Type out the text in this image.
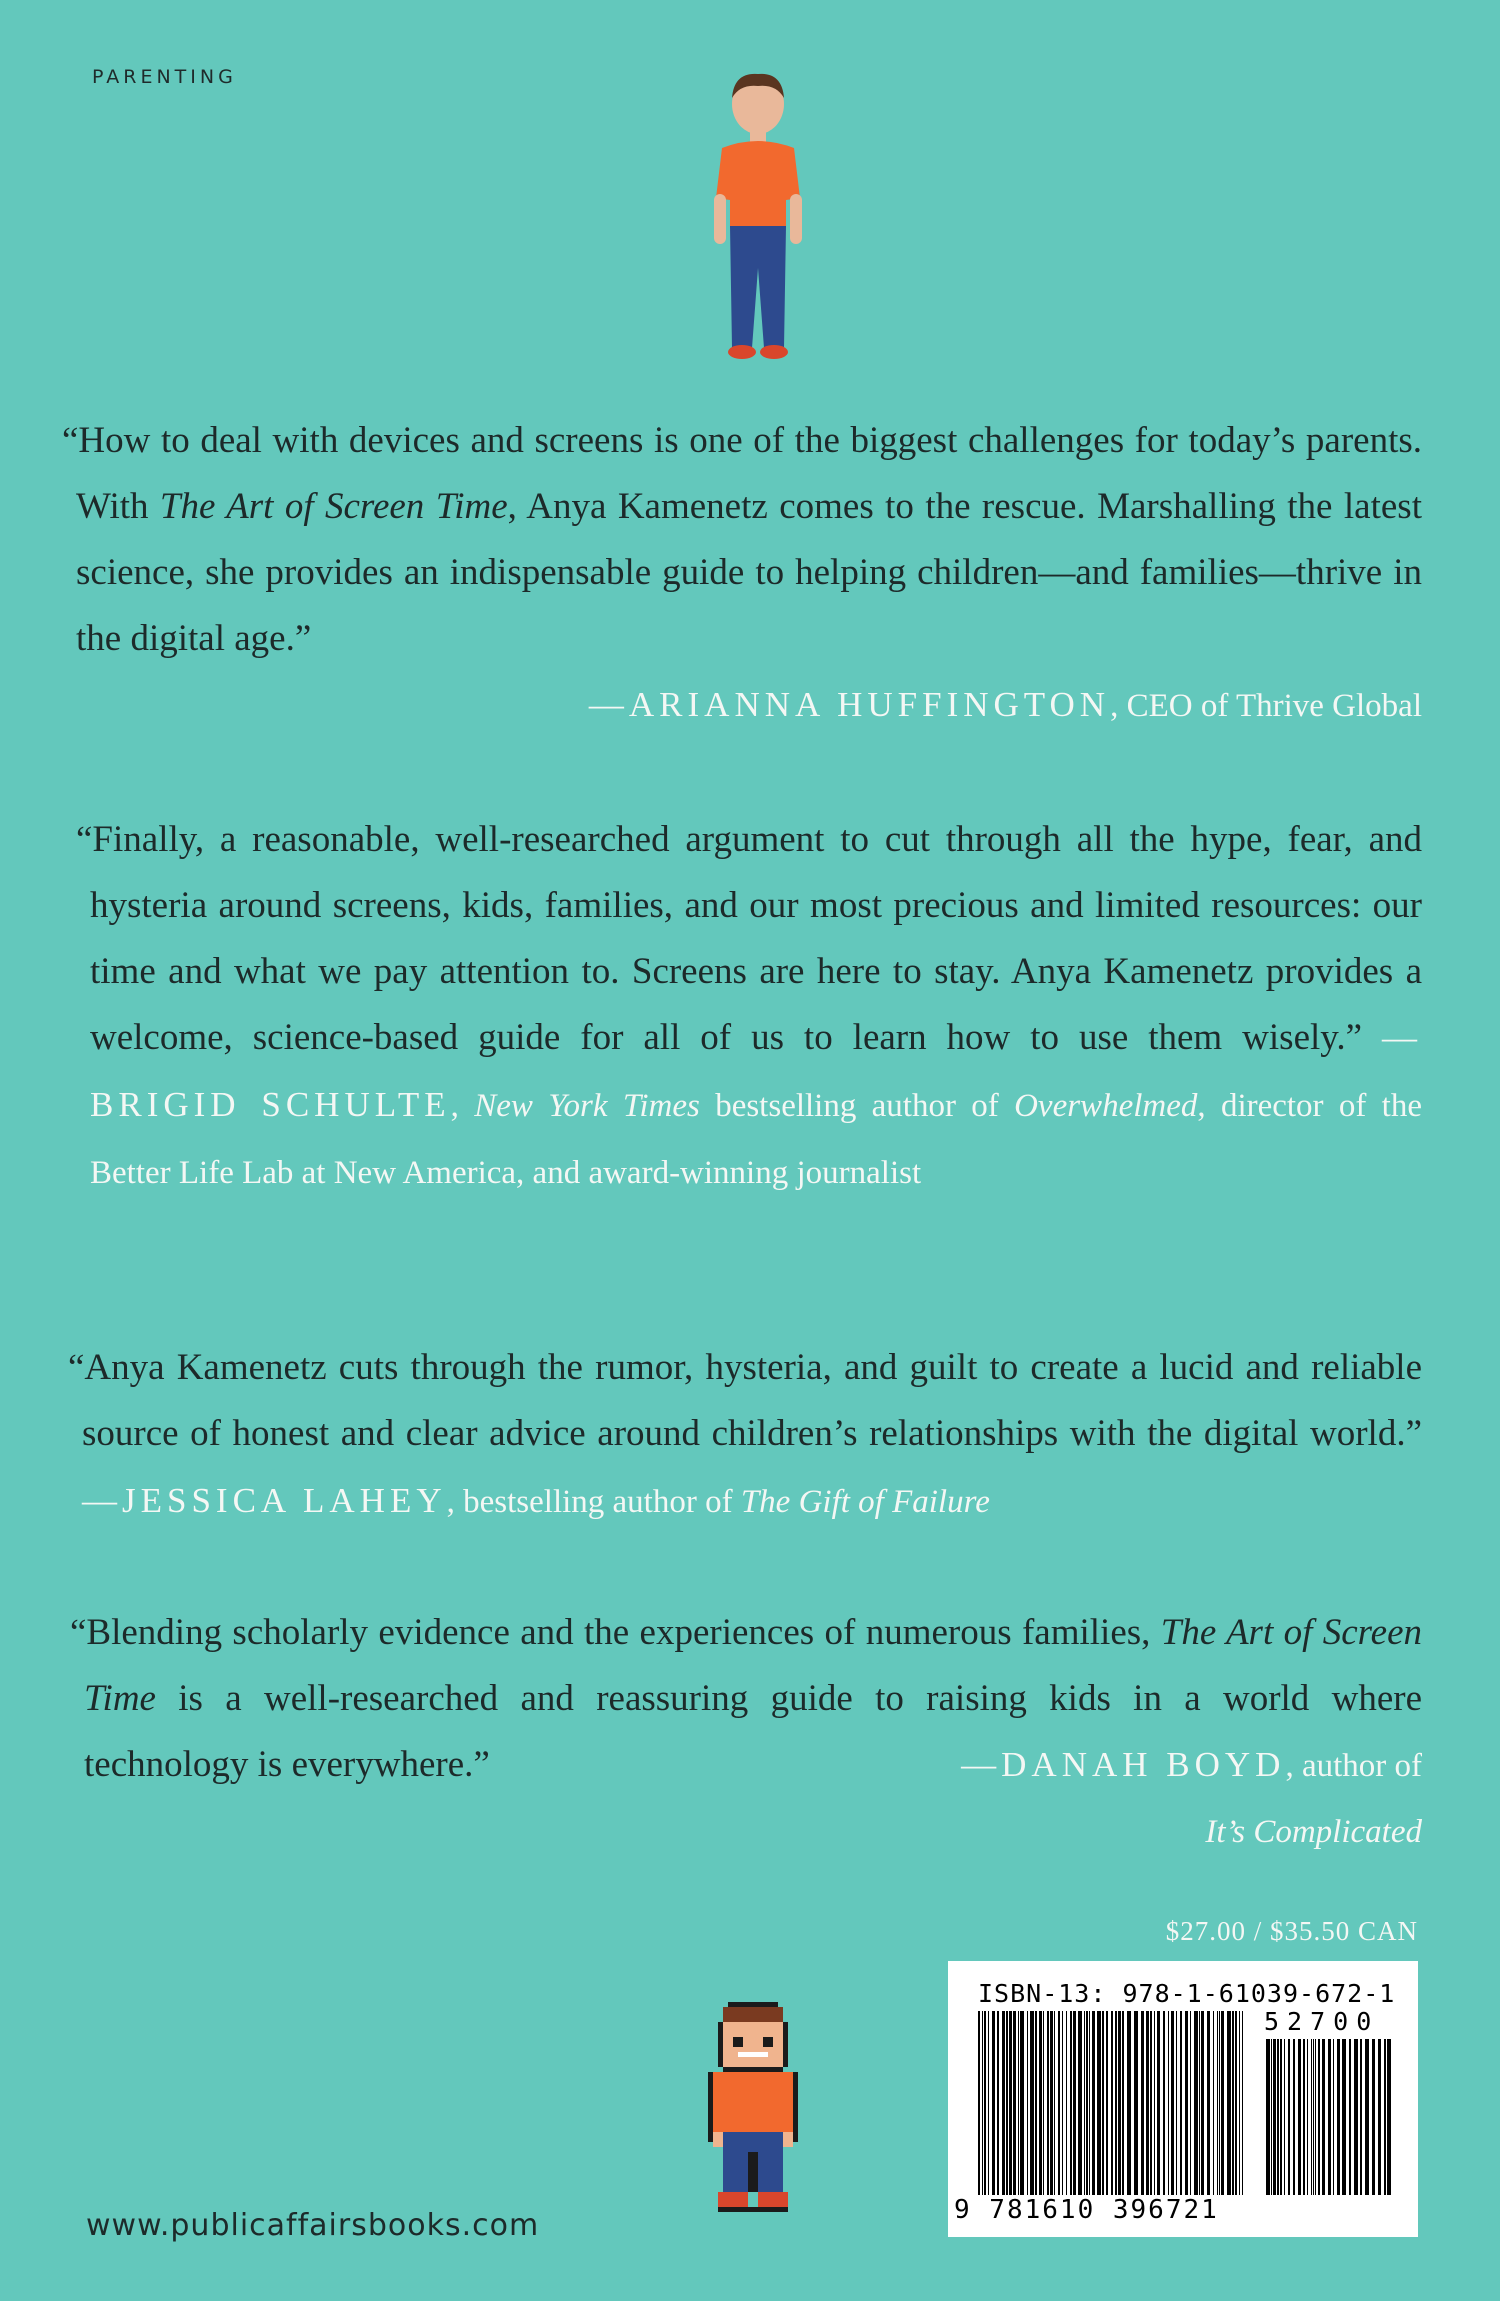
PARENTING

“How to deal with devices and screens is one of the biggest challenges for today’s parents. With The Art of Screen Time, Anya Kamenetz comes to the rescue. Marshalling the latest science, she provides an indispensable guide to helping children—and families—thrive in the digital age.”

—ARIANNA HUFFINGTON, CEO of Thrive Global

“Finally, a reasonable, well-researched argument to cut through all the hype, fear, and hysteria around screens, kids, families, and our most precious and limited resources: our time and what we pay attention to. Screens are here to stay. Anya Kamenetz provides a welcome, science-based guide for all of us to learn how to use them wisely.” —BRIGID SCHULTE, New York Times bestselling author of Overwhelmed, director of the Better Life Lab at New America, and award-winning journalist

“Anya Kamenetz cuts through the rumor, hysteria, and guilt to create a lucid and reliable source of honest and clear advice around children’s relationships with the digital world.” —JESSICA LAHEY, bestselling author of The Gift of Failure

“Blending scholarly evidence and the experiences of numerous families, The Art of Screen Time is a well-researched and reassuring guide to raising kids in a world where technology is everywhere.”	—DANAH BOYD, author of
It’s Complicated
$27.00 / $35.50 CAN
ISBN-13: 978-1-61039-672-1
52700
9 781610 396721
www.publicaffairsbooks.com
